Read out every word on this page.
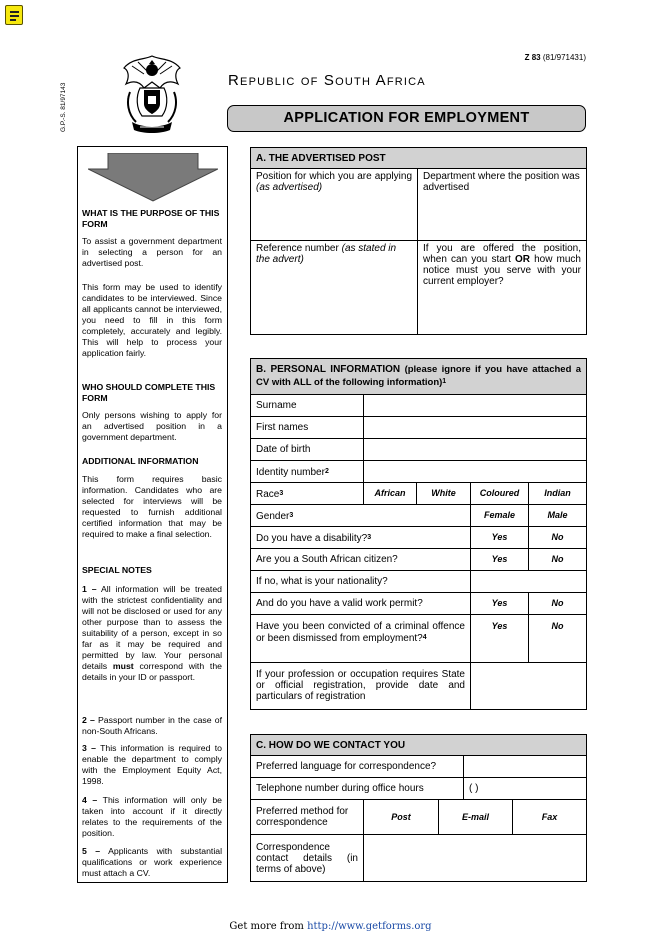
Z 83 (81/971431)
G.P.-S. 81/97143
Republic of South Africa
APPLICATION FOR EMPLOYMENT
WHAT IS THE PURPOSE OF THIS FORM
To assist a government department in selecting a person for an advertised post.
This form may be used to identify candidates to be interviewed. Since all applicants cannot be interviewed, you need to fill in this form completely, accurately and legibly. This will help to process your application fairly.
WHO SHOULD COMPLETE THIS FORM
Only persons wishing to apply for an advertised position in a government department.
ADDITIONAL INFORMATION
This form requires basic information. Candidates who are selected for interviews will be requested to furnish additional certified information that may be required to make a final selection.
SPECIAL NOTES
1 – All information will be treated with the strictest confidentiality and will not be disclosed or used for any other purpose than to assess the suitability of a person, except in so far as it may be required and permitted by law. Your personal details must correspond with the details in your ID or passport.
2 – Passport number in the case of non-South Africans.
3 – This information is required to enable the department to comply with the Employment Equity Act, 1998.
4 – This information will only be taken into account if it directly relates to the requirements of the position.
5 – Applicants with substantial qualifications or work experience must attach a CV.
A. THE ADVERTISED POST	
Position for which you are applying (as advertised)	Department where the position was advertised
Reference number (as stated in the advert)	If you are offered the position, when can you start OR how much notice must you serve with your current employer?
B. PERSONAL INFORMATION (please ignore if you have attached a CV with ALL of the following information)$^1$
Surname				
First names				
Date of birth				
Identity number$^2$	
Race$^3$	African	White	Coloured	Indian
Gender$^3$			Female	Male
Do you have a disability?$^3$			Yes	No
Are you a South African citizen?			Yes	No
If no, what is your nationality?				
And do you have a valid work permit?			Yes	No
Have you been convicted of a criminal offence or been dismissed from employment?$^4$			Yes	No
If your profession or occupation requires State or official registration, provide date and particulars of registration				
C. HOW DO WE CONTACT YOU				
Preferred language for correspondence?				
Telephone number during office hours			( )	
Preferred method for correspondence	Post	E-mail		Fax
Correspondence contact details (in terms of above)				
Get more from http://www.getforms.org
